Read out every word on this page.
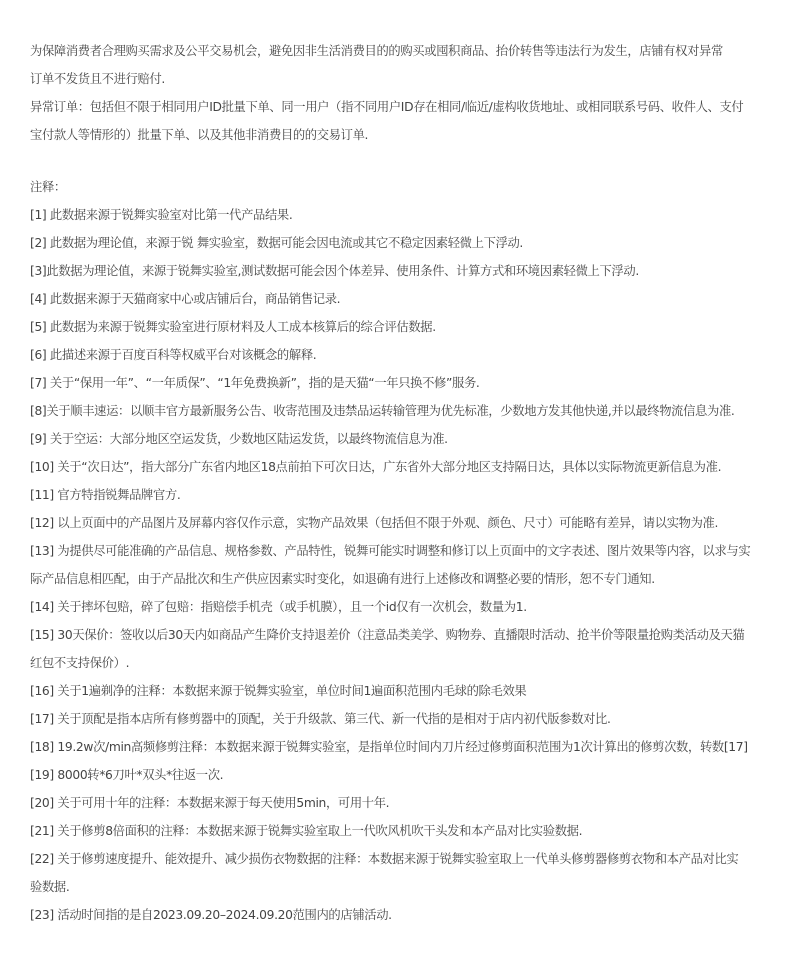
为保障消费者合理购买需求及公平交易机会，避免因非生活消费目的的购买或囤积商品、抬价转售等违法行为发生，店铺有权对异常

订单不发货且不进行赔付.

异常订单：包括但不限于相同用户ID批量下单、同一用户（指不同用户ID存在相同/临近/虚构收货地址、或相同联系号码、收件人、支付

宝付款人等情形的）批量下单、以及其他非消费目的的交易订单.

注释：

[1] 此数据来源于锐舞实验室对比第一代产品结果.

[2] 此数据为理论值，来源于锐 舞实验室，数据可能会因电流或其它不稳定因素轻微上下浮动.

[3]此数据为理论值，来源于锐舞实验室,测试数据可能会因个体差异、使用条件、计算方式和环境因素轻微上下浮动.

[4] 此数据来源于天猫商家中心或店铺后台，商品销售记录.

[5] 此数据为来源于锐舞实验室进行原材料及人工成本核算后的综合评估数据.

[6] 此描述来源于百度百科等权威平台对该概念的解释.

[7] 关于“保用一年”、“一年质保”、“1年免费换新”，指的是天猫“一年只换不修”服务.

[8]关于顺丰速运：以顺丰官方最新服务公告、收寄范围及违禁品运转输管理为优先标准，少数地方发其他快递,并以最终物流信息为准.

[9] 关于空运：大部分地区空运发货，少数地区陆运发货，以最终物流信息为准.

[10] 关于“次日达”，指大部分广东省内地区18点前拍下可次日达，广东省外大部分地区支持隔日达，具体以实际物流更新信息为准.

[11] 官方特指锐舞品牌官方.

[12] 以上页面中的产品图片及屏幕内容仅作示意，实物产品效果（包括但不限于外观、颜色、尺寸）可能略有差异，请以实物为准.

[13] 为提供尽可能准确的产品信息、规格参数、产品特性，锐舞可能实时调整和修订以上页面中的文字表述、图片效果等内容，以求与实

际产品信息相匹配，由于产品批次和生产供应因素实时变化，如退确有进行上述修改和调整必要的情形，恕不专门通知.

[14] 关于摔坏包赔，碎了包赔：指赔偿手机壳（或手机膜），且一个id仅有一次机会，数量为1.

[15] 30天保价：签收以后30天内如商品产生降价支持退差价（注意品类美学、购物券、直播限时活动、抢半价等限量抢购类活动及天猫

红包不支持保价）.

[16] 关于1遍剃净的注释：本数据来源于锐舞实验室，单位时间1遍面积范围内毛球的除毛效果

[17] 关于顶配是指本店所有修剪器中的顶配，关于升级款、第三代、新一代指的是相对于店内初代版参数对比.

[18] 19.2w次/min高频修剪注释：本数据来源于锐舞实验室，是指单位时间内刀片经过修剪面积范围为1次计算出的修剪次数，转数[17]

[19] 8000转*6刀叶*双头*往返一次.

[20] 关于可用十年的注释：本数据来源于每天使用5min，可用十年.

[21] 关于修剪8倍面积的注释：本数据来源于锐舞实验室取上一代吹风机吹干头发和本产品对比实验数据.

[22] 关于修剪速度提升、能效提升、减少损伤衣物数据的注释：本数据来源于锐舞实验室取上一代单头修剪器修剪衣物和本产品对比实

验数据.

[23] 活动时间指的是自2023.09.20–2024.09.20范围内的店铺活动.
